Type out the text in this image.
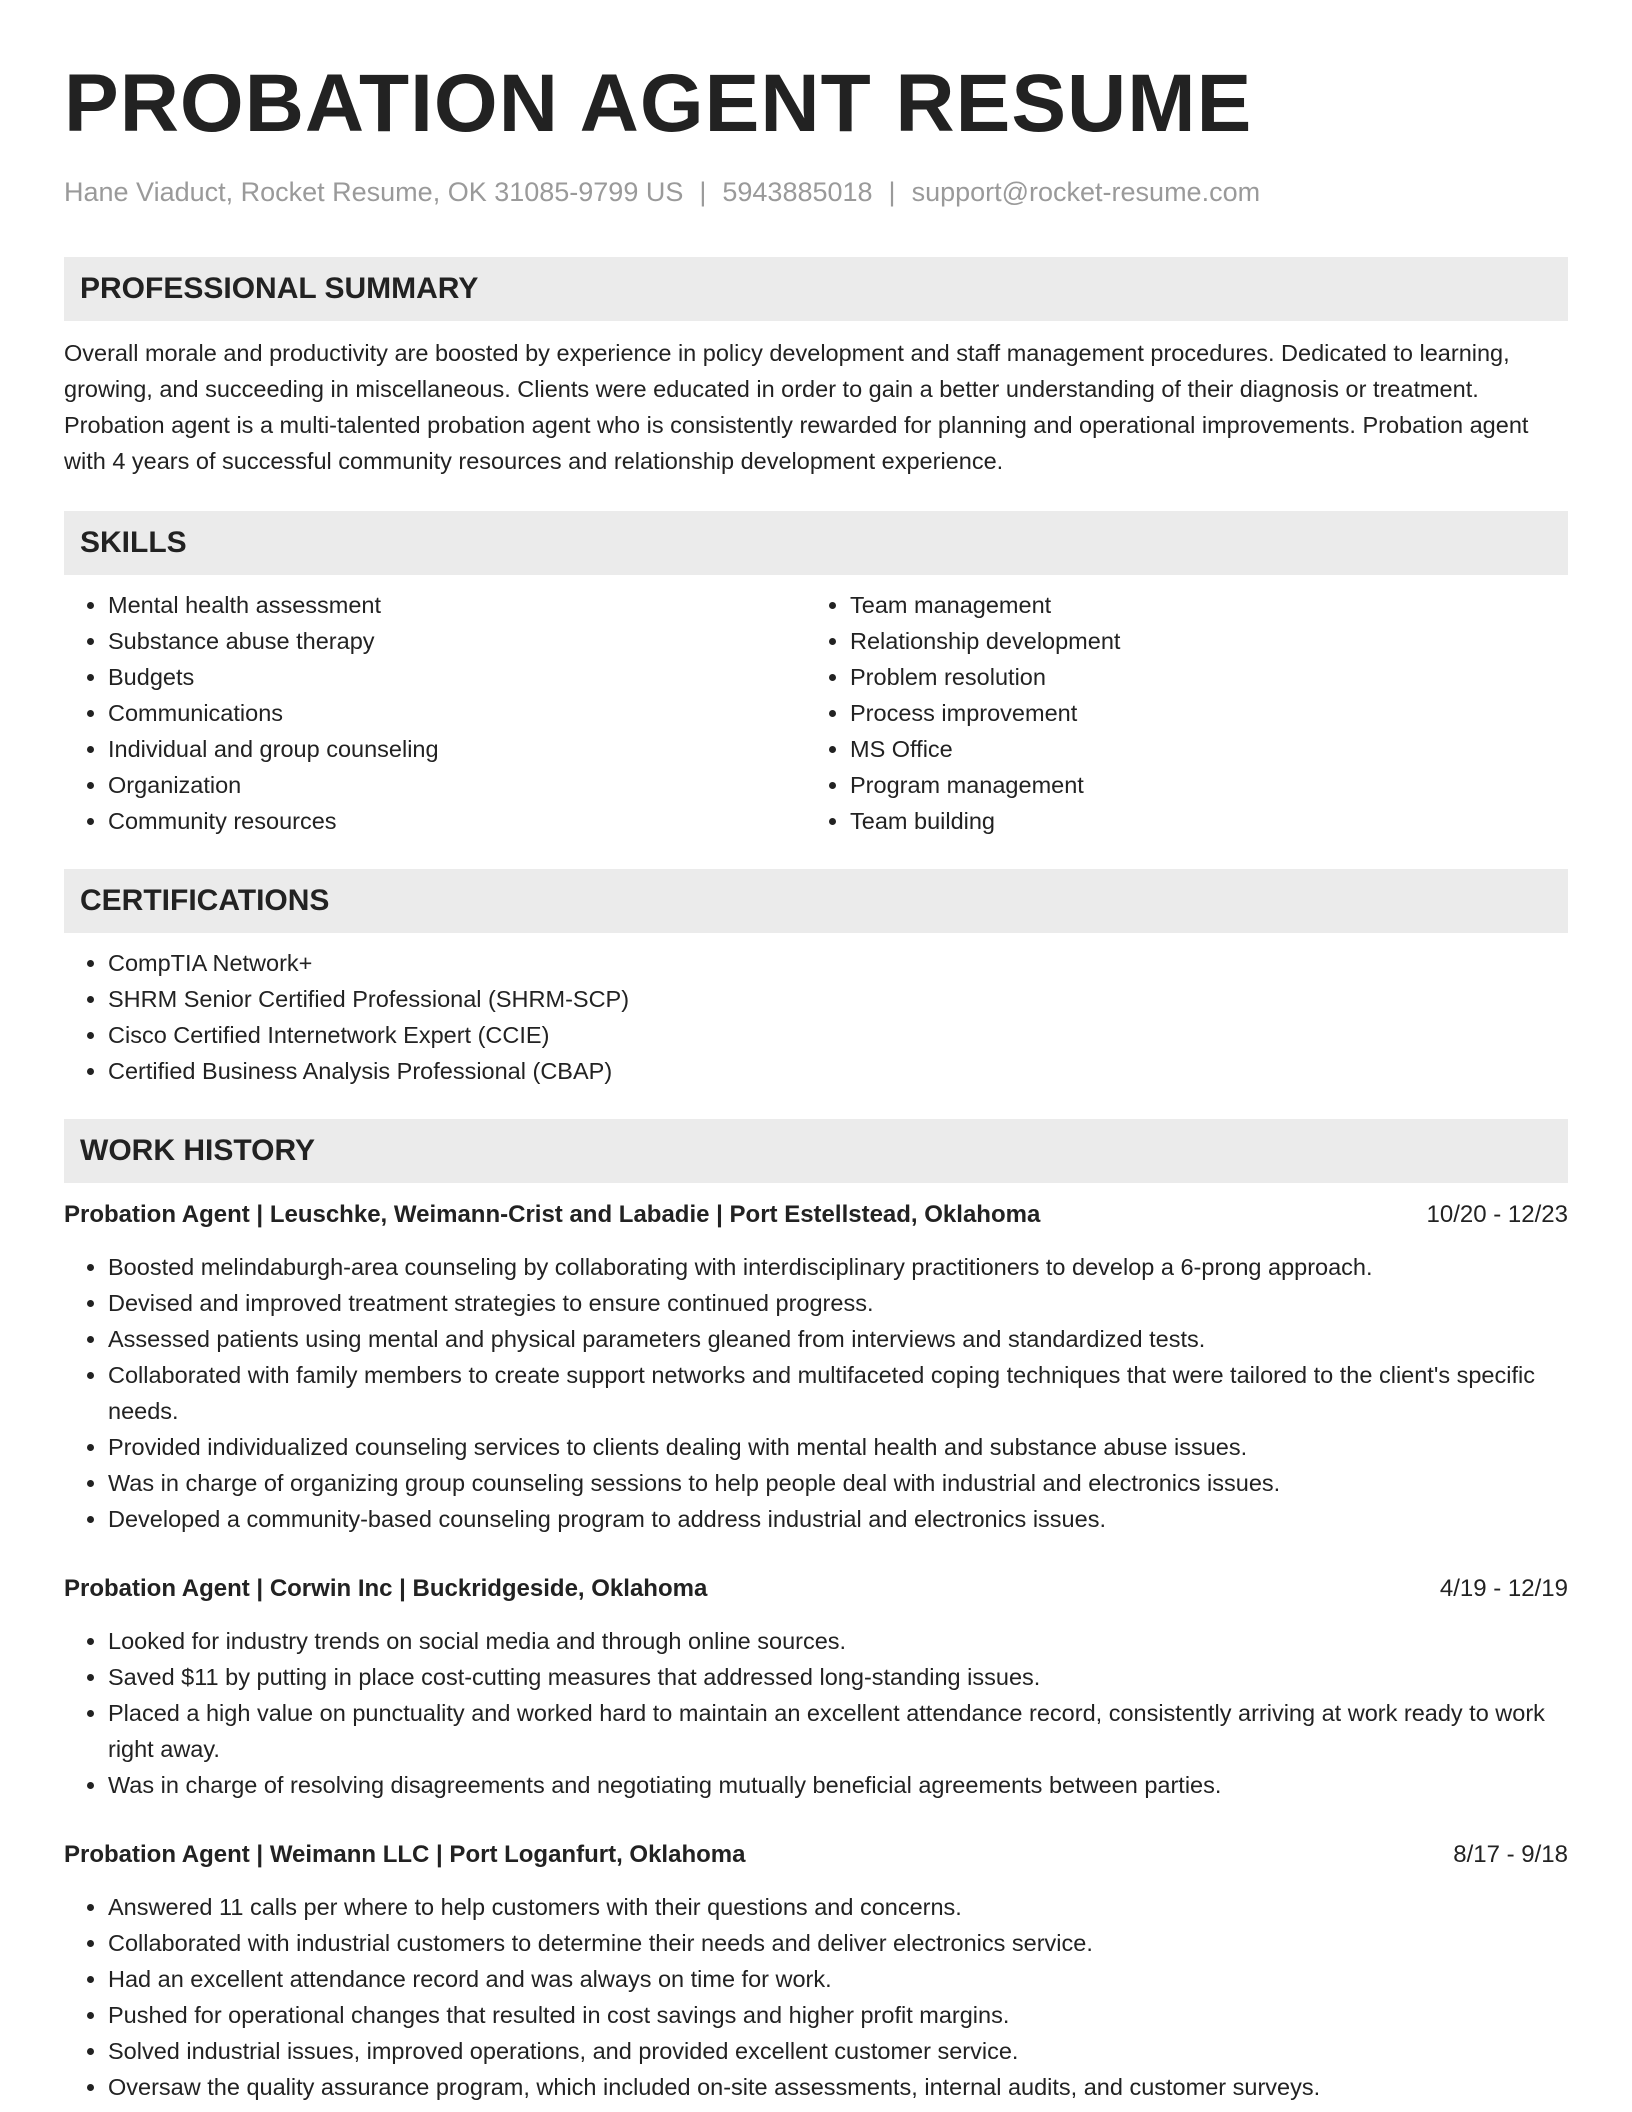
PROBATION AGENT RESUME
Hane Viaduct, Rocket Resume, OK 31085-9799 US | 5943885018 | support@rocket-resume.com
PROFESSIONAL SUMMARY

Overall morale and productivity are boosted by experience in policy development and staff management procedures. Dedicated to learning, growing, and succeeding in miscellaneous. Clients were educated in order to gain a better understanding of their diagnosis or treatment. Probation agent is a multi-talented probation agent who is consistently rewarded for planning and operational improvements. Probation agent with 4 years of successful community resources and relationship development experience.

SKILLS
• Mental health assessment
• Substance abuse therapy
• Budgets
• Communications
• Individual and group counseling
• Organization
• Community resources
• Team management
• Relationship development
• Problem resolution
• Process improvement
• MS Office
• Program management
• Team building
CERTIFICATIONS
• CompTIA Network+
• SHRM Senior Certified Professional (SHRM-SCP)
• Cisco Certified Internetwork Expert (CCIE)
• Certified Business Analysis Professional (CBAP)
WORK HISTORY
Probation Agent | Leuschke, Weimann-Crist and Labadie | Port Estellstead, Oklahoma	10/20 - 12/23
• Boosted melindaburgh-area counseling by collaborating with interdisciplinary practitioners to develop a 6-prong approach.
• Devised and improved treatment strategies to ensure continued progress.
• Assessed patients using mental and physical parameters gleaned from interviews and standardized tests.
• Collaborated with family members to create support networks and multifaceted coping techniques that were tailored to the client's specific needs.
• Provided individualized counseling services to clients dealing with mental health and substance abuse issues.
• Was in charge of organizing group counseling sessions to help people deal with industrial and electronics issues.
• Developed a community-based counseling program to address industrial and electronics issues.
Probation Agent | Corwin Inc | Buckridgeside, Oklahoma	4/19 - 12/19
• Looked for industry trends on social media and through online sources.
• Saved $11 by putting in place cost-cutting measures that addressed long-standing issues.
• Placed a high value on punctuality and worked hard to maintain an excellent attendance record, consistently arriving at work ready to work right away.
• Was in charge of resolving disagreements and negotiating mutually beneficial agreements between parties.
Probation Agent | Weimann LLC | Port Loganfurt, Oklahoma	8/17 - 9/18
• Answered 11 calls per where to help customers with their questions and concerns.
• Collaborated with industrial customers to determine their needs and deliver electronics service.
• Had an excellent attendance record and was always on time for work.
• Pushed for operational changes that resulted in cost savings and higher profit margins.
• Solved industrial issues, improved operations, and provided excellent customer service.
• Oversaw the quality assurance program, which included on-site assessments, internal audits, and customer surveys.
